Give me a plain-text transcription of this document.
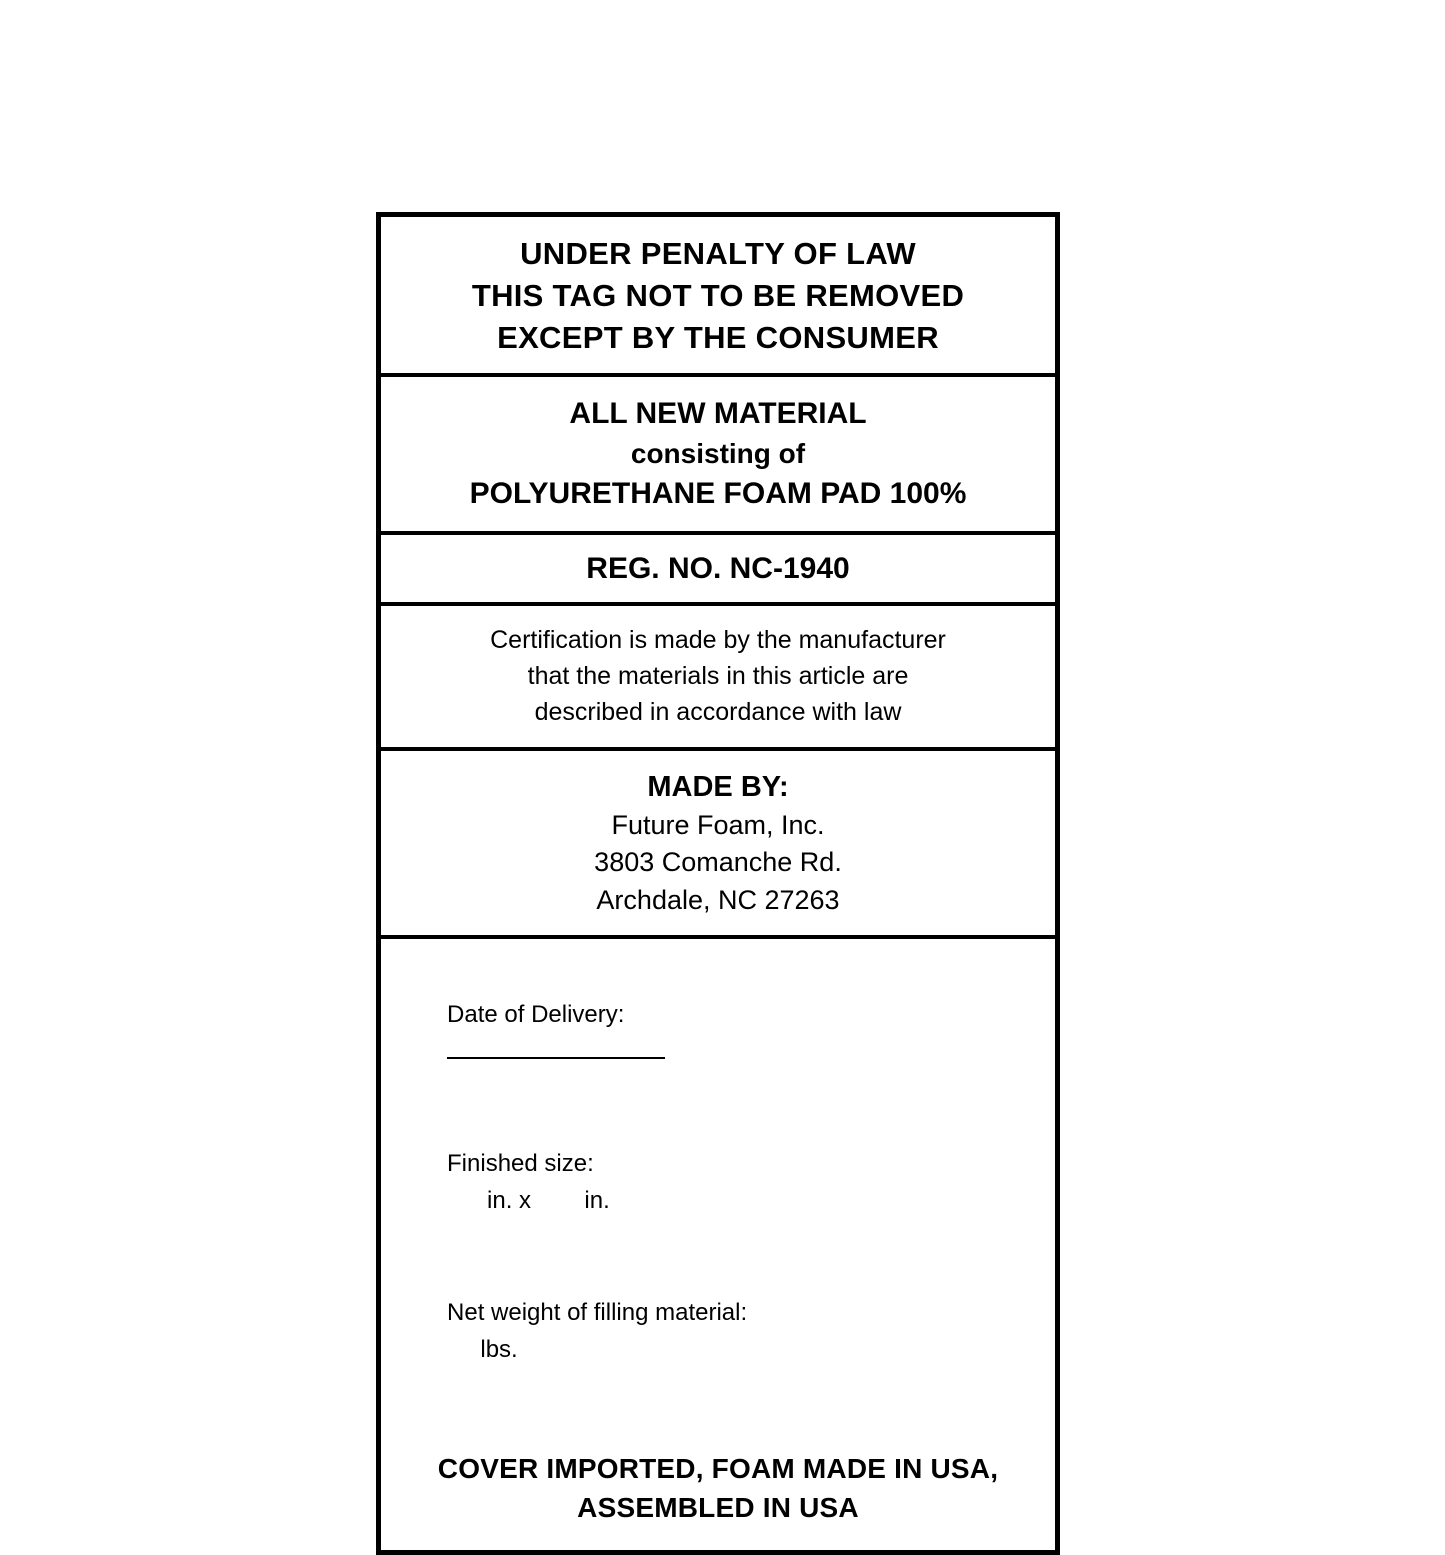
UNDER PENALTY OF LAW
THIS TAG NOT TO BE REMOVED
EXCEPT BY THE CONSUMER
ALL NEW MATERIAL
consisting of
POLYURETHANE FOAM PAD 100%
REG. NO. NC-1940
Certification is made by the manufacturer
that the materials in this article are
described in accordance with law
MADE BY:
Future Foam, Inc.
3803 Comanche Rd.
Archdale, NC 27263

Date of Delivery:

Finished size:
in. x        in.

Net weight of filling material:
lbs.

COVER IMPORTED, FOAM MADE IN USA,
ASSEMBLED IN USA
